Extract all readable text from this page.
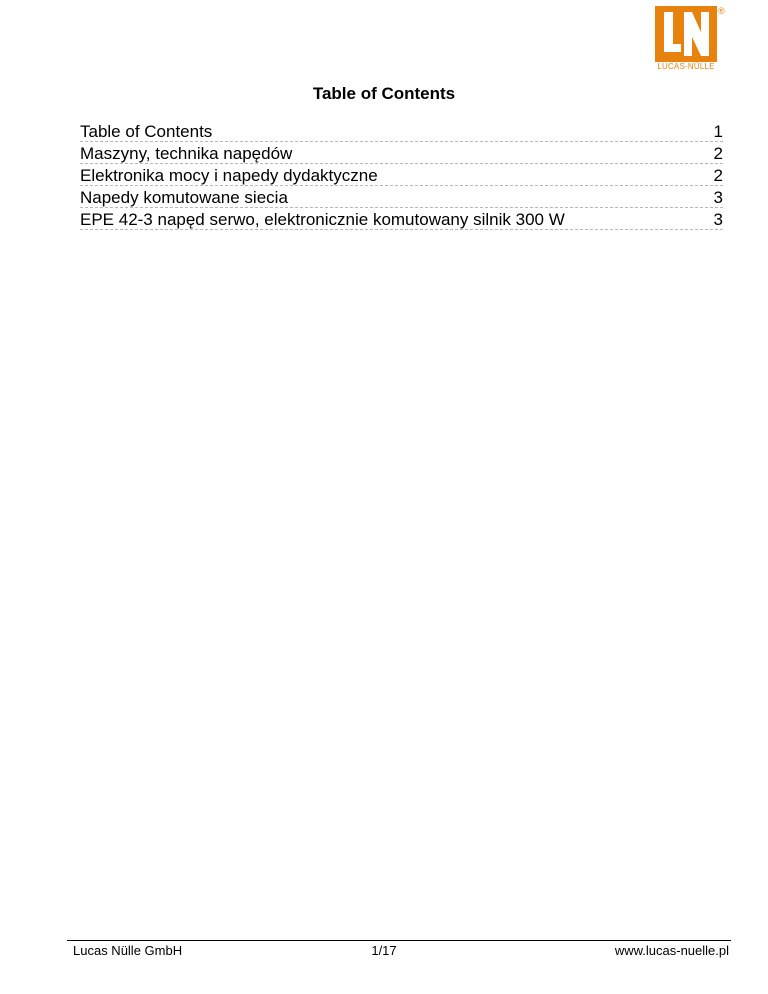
®
LUCAS-NÜLLE
Table of Contents
Table of Contents	1
Maszyny, technika napędów	2
Elektronika mocy i napedy dydaktyczne	2
Napedy komutowane siecia	3
EPE 42-3 napęd serwo, elektronicznie komutowany silnik 300 W	3
Lucas Nülle GmbH	1/17	www.lucas-nuelle.pl
